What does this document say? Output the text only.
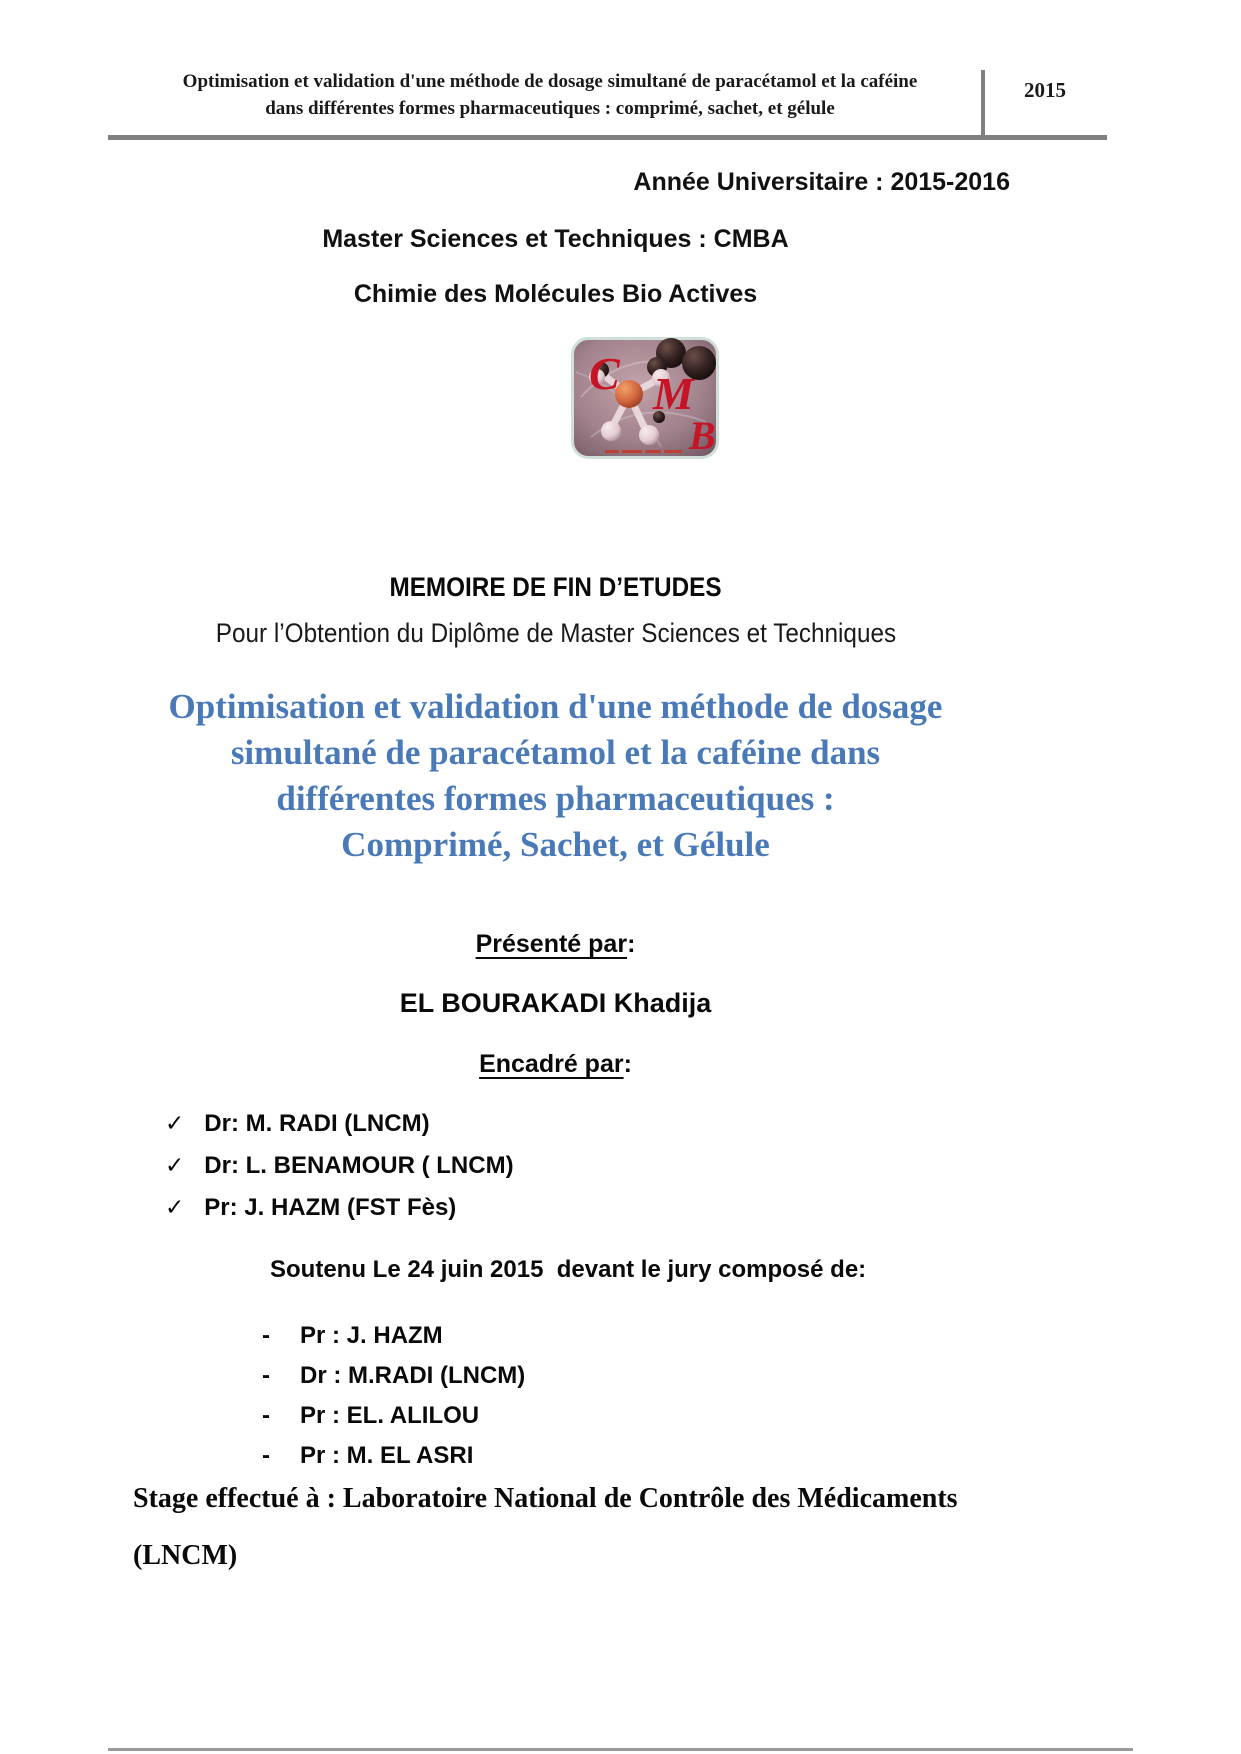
Optimisation et validation d'une méthode de dosage simultané de paracétamol et la caféine
dans différentes formes pharmaceutiques : comprimé, sachet, et gélule
2015
Année Universitaire : 2015-2016
Master Sciences et Techniques : CMBA
Chimie des Molécules Bio Actives
C M
B
MEMOIRE DE FIN D’ETUDES
Pour l’Obtention du Diplôme de Master Sciences et Techniques
Optimisation et validation d'une méthode de dosage
simultané de paracétamol et la caféine dans
différentes formes pharmaceutiques :
Comprimé, Sachet, et Gélule
Présenté par:
EL BOURAKADI Khadija
Encadré par:
✓ Dr: M. RADI (LNCM)
✓ Dr: L. BENAMOUR ( LNCM)
✓ Pr: J. HAZM (FST Fès)
Soutenu Le 24 juin 2015  devant le jury composé de:
- Pr : J. HAZM
- Dr : M.RADI (LNCM)
- Pr : EL. ALILOU
- Pr : M. EL ASRI
Stage effectué à : Laboratoire National de Contrôle des Médicaments
(LNCM)
